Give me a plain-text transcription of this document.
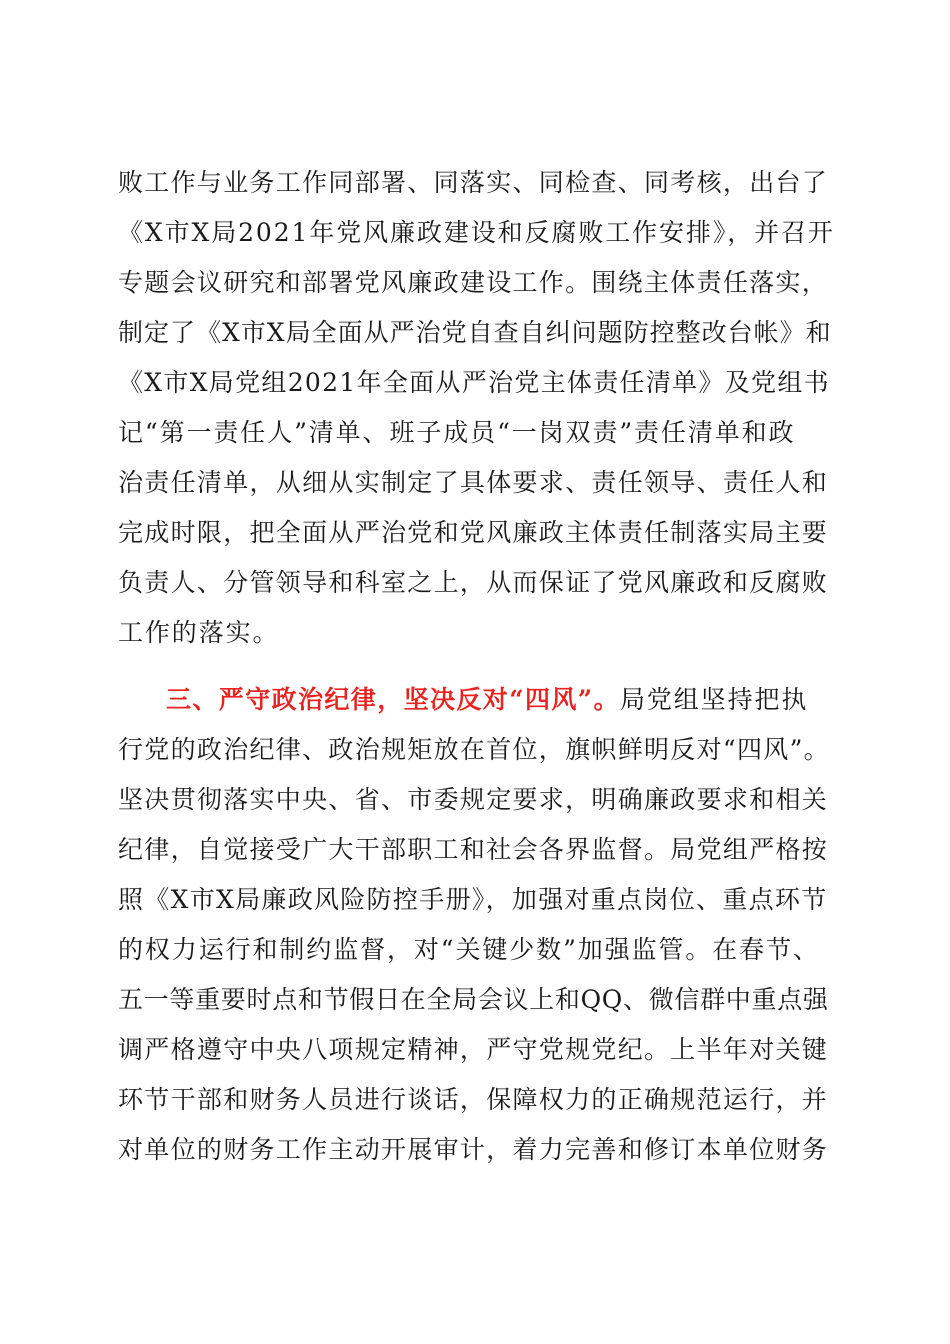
败工作与业务工作同部署、同落实、同检查、同考核，出台了
《X市X局2021年党风廉政建设和反腐败工作安排》，并召开
专题会议研究和部署党风廉政建设工作。围绕主体责任落实，
制定了《X市X局全面从严治党自查自纠问题防控整改台帐》和
《X市X局党组2021年全面从严治党主体责任清单》及党组书
记“第一责任人”清单、班子成员“一岗双责”责任清单和政
治责任清单，从细从实制定了具体要求、责任领导、责任人和
完成时限，把全面从严治党和党风廉政主体责任制落实局主要
负责人、分管领导和科室之上，从而保证了党风廉政和反腐败
工作的落实。
三、严守政治纪律，坚决反对“四风”。局党组坚持把执
行党的政治纪律、政治规矩放在首位，旗帜鲜明反对“四风”。
坚决贯彻落实中央、省、市委规定要求，明确廉政要求和相关
纪律，自觉接受广大干部职工和社会各界监督。局党组严格按
照《X市X局廉政风险防控手册》，加强对重点岗位、重点环节
的权力运行和制约监督，对“关键少数”加强监管。在春节、
五一等重要时点和节假日在全局会议上和QQ、微信群中重点强
调严格遵守中央八项规定精神，严守党规党纪。上半年对关键
环节干部和财务人员进行谈话，保障权力的正确规范运行，并
对单位的财务工作主动开展审计，着力完善和修订本单位财务
